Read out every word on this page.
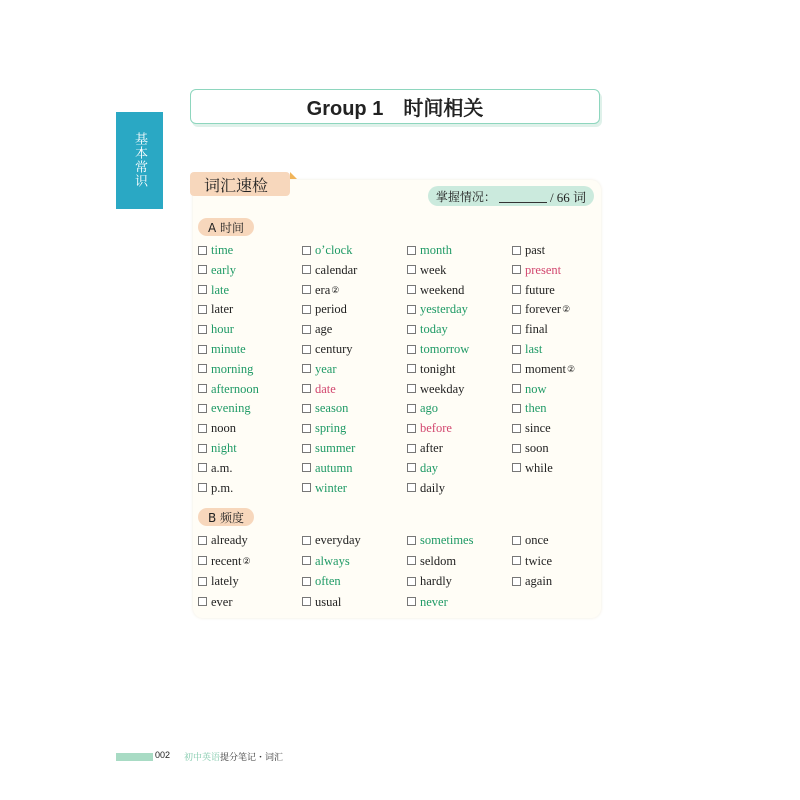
基本常识
Group 1　时间相关
词汇速检
掌握情况：	/ 66 词
A 时间
time
early
late
later
hour
minute
morning
afternoon
evening
noon
night
a.m.
p.m.
o’clock
calendar
era ②
period
age
century
year
date
season
spring
summer
autumn
winter
month
week
weekend
yesterday
today
tomorrow
tonight
weekday
ago
before
after
day
daily
past
present
future
forever ②
final
last
moment ②
now
then
since
soon
while
B 频度
already
recent ②
lately
ever
everyday
always
often
usual
sometimes
seldom
hardly
never
once
twice
again
002 初中英语提分笔记・词汇
